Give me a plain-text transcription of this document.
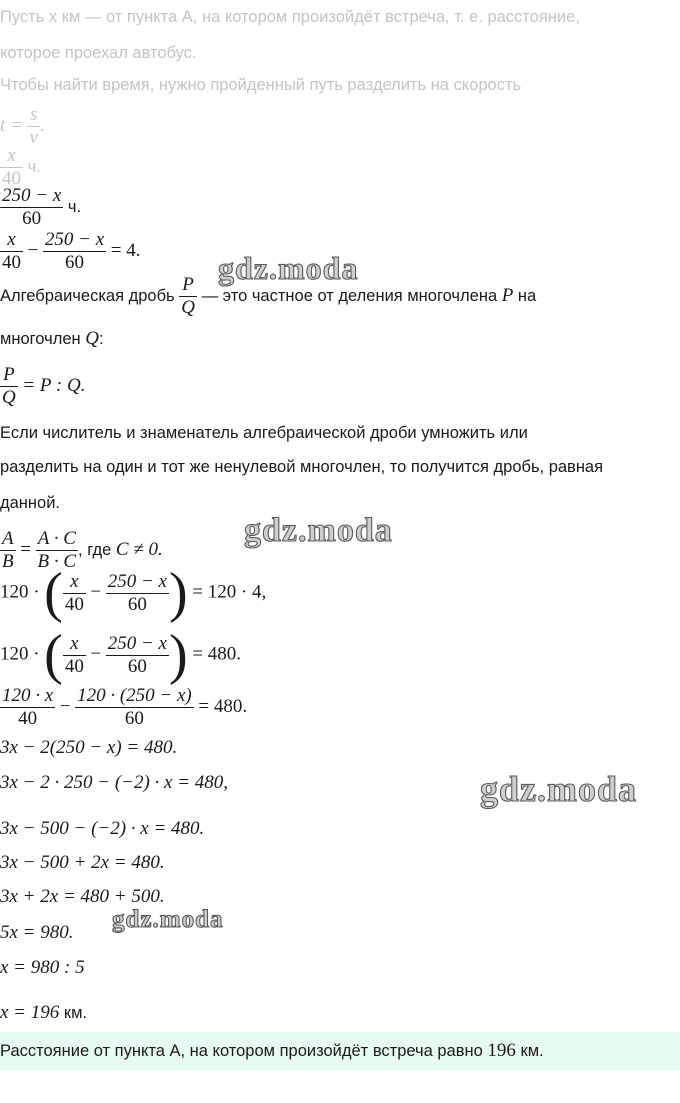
Пусть x км — от пункта А, на котором произойдёт встреча, т. е. расстояние,
которое проехал автобус.
Чтобы найти время, нужно пройденный путь разделить на скорость
$t = \frac{s}{v}$ .
$\frac{x}{40} ч$.
$\frac{250 - x}{60} ч$.
$\frac{x}{40} - \frac{250 - x}{60} = 4$.
Алгебраическая дробь $\frac{P}{Q}$ — это частное от деления многочлена P на
многочлен Q:
$\frac{P}{Q} = P$ : Q.
Если числитель и знаменатель алгебраической дроби умножить или
разделить на один и тот же ненулевой многочлен, то получится дробь, равная
данной.
$\frac{A}{B} = \frac{A \cdot C}{B \cdot C}$ , где C ≠ 0.
120 · ( $\frac{x}{40} - \frac{250 - x}{60}$ ) = 120 · 4,
120 · ( $\frac{x}{40} - \frac{250 - x}{60}$ ) = 480.
$\frac{120 \cdot x}{40} - \frac{120 \cdot (250 - x)}{60} = 480$.
3x − 2(250 − x) = 480.
3x − 2 · 250 − (−2) · x = 480,
3x − 500 − (−2) · x = 480.
3x − 500 + 2x = 480.
3x + 2x = 480 + 500.
5x = 980.
x = 980 : 5
x = 196 км.
Расстояние от пункта А, на котором произойдёт встреча равно 196 км.
gdz.moda
gdz.moda
gdz.moda
gdz.moda
